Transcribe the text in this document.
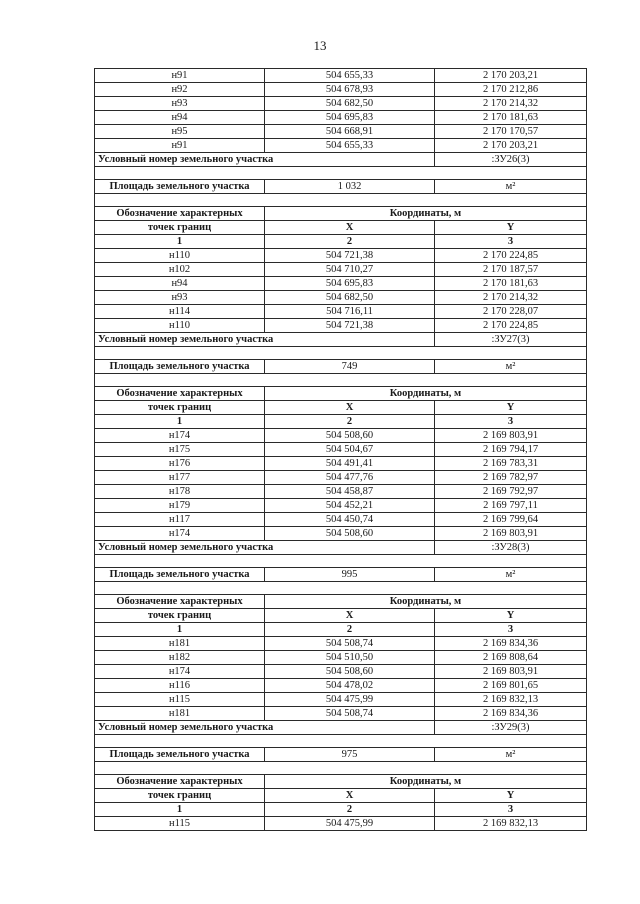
13
н91	504 655,33	2 170 203,21
н92	504 678,93	2 170 212,86
н93	504 682,50	2 170 214,32
н94	504 695,83	2 170 181,63
н95	504 668,91	2 170 170,57
н91	504 655,33	2 170 203,21
Условный номер земельного участка		:ЗУ26(3)

Площадь земельного участка	1 032	м²

Обозначение характерных	Координаты, м	
точек границ	X	Y
1	2	3
н110	504 721,38	2 170 224,85
н102	504 710,27	2 170 187,57
н94	504 695,83	2 170 181,63
н93	504 682,50	2 170 214,32
н114	504 716,11	2 170 228,07
н110	504 721,38	2 170 224,85
Условный номер земельного участка		:ЗУ27(3)

Площадь земельного участка	749	м²

Обозначение характерных	Координаты, м	
точек границ	X	Y
1	2	3
н174	504 508,60	2 169 803,91
н175	504 504,67	2 169 794,17
н176	504 491,41	2 169 783,31
н177	504 477,76	2 169 782,97
н178	504 458,87	2 169 792,97
н179	504 452,21	2 169 797,11
н117	504 450,74	2 169 799,64
н174	504 508,60	2 169 803,91
Условный номер земельного участка		:ЗУ28(3)

Площадь земельного участка	995	м²

Обозначение характерных	Координаты, м	
точек границ	X	Y
1	2	3
н181	504 508,74	2 169 834,36
н182	504 510,50	2 169 808,64
н174	504 508,60	2 169 803,91
н116	504 478,02	2 169 801,65
н115	504 475,99	2 169 832,13
н181	504 508,74	2 169 834,36
Условный номер земельного участка		:ЗУ29(3)

Площадь земельного участка	975	м²

Обозначение характерных	Координаты, м	
точек границ	X	Y
1	2	3
н115	504 475,99	2 169 832,13
